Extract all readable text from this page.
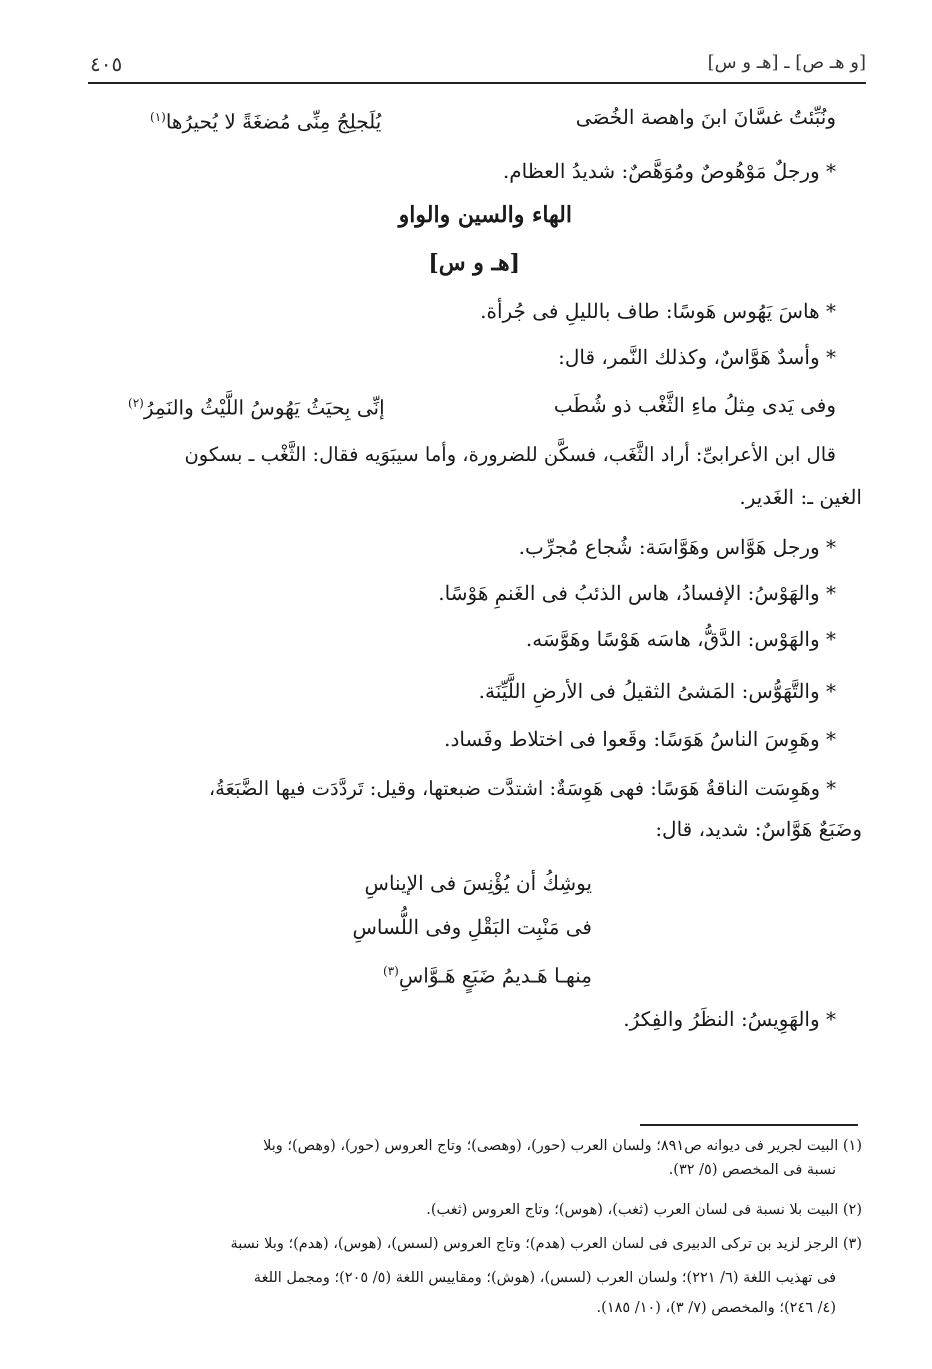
[و هـ ص] ـ [هـ و س]
٤٠٥
يُلَجلِجُ مِنِّى مُضغَةً لا يُحيرُها$^{(١)}$	ونُبِّئتُ غسَّانَ ابنَ واهصة الخُصَى
* ورجلٌ مَوْهُوصٌ ومُوَهَّصٌ: شديدُ العظام.
الهاء والسين والواو
[هـ و س]
* هاسَ يَهُوس هَوسًا: طاف بالليلِ فى جُرأة.
* وأسدٌ هَوَّاسٌ، وكذلك النَّمر، قال:
إنِّى بِحيَثُ يَهُوسُ اللَّيْثُ والنَمِرُ$^{(٢)}$	وفى يَدى مِثلُ ماءِ الثَّغْب ذو شُطَب
قال ابن الأعرابىِّ: أراد الثَّغَب، فسكَّن للضرورة، وأما سيبَوَيه فقال: الثَّغْب ـ بسكون
الغين ـ: الغَدير.
* ورجل هَوَّاس وهَوَّاسَة: شُجاع مُجرِّب.
* والهَوْسُ: الإفسادُ، هاس الذئبُ فى الغَنمِ هَوْسًا.
* والهَوْس: الدَّقُّ، هاسَه هَوْسًا وهَوَّسَه.
* والتَّهَوُّس: المَشىُ الثقيلُ فى الأرضِ اللَّيِّنَة.
* وهَوِسَ الناسُ هَوَسًا: وقَعوا فى اختلاط وفَساد.
* وهَوِسَت الناقةُ هَوَسًا: فهى هَوِسَةٌ: اشتدَّت ضبعتها، وقيل: تَردَّدَت فيها الضَّبَعَةُ،
وضَبَعٌ هَوَّاسٌ: شديد، قال:
يوشِكُ أن يُؤْنِسَ فى الإيناسِ
فى مَنْبِت البَقْلِ وفى اللُّساسِ
مِنهـا هَـديمُ ضَبَعٍ هَـوَّاسِ$^{(٣)}$
* والهَوِيسُ: النظَرُ والفِكرُ.
(١) البيت لجرير فى ديوانه ص٨٩١؛ ولسان العرب (حور)، (وهصى)؛ وتاج العروس (حور)، (وهص)؛ وبلا
نسبة فى المخصص (٥/ ٣٢).
(٢) البيت بلا نسبة فى لسان العرب (ثغب)، (هوس)؛ وتاج العروس (ثغب).
(٣) الرجز لزيد بن تركى الدبيرى فى لسان العرب (هدم)؛ وتاج العروس (لسس)، (هوس)، (هدم)؛ وبلا نسبة
فى تهذيب اللغة (٦/ ٢٢١)؛ ولسان العرب (لسس)، (هوش)؛ ومقاييس اللغة (٥/ ٢٠٥)؛ ومجمل اللغة
(٤/ ٢٤٦)؛ والمخصص (٧/ ٣)، (١٠/ ١٨٥).
